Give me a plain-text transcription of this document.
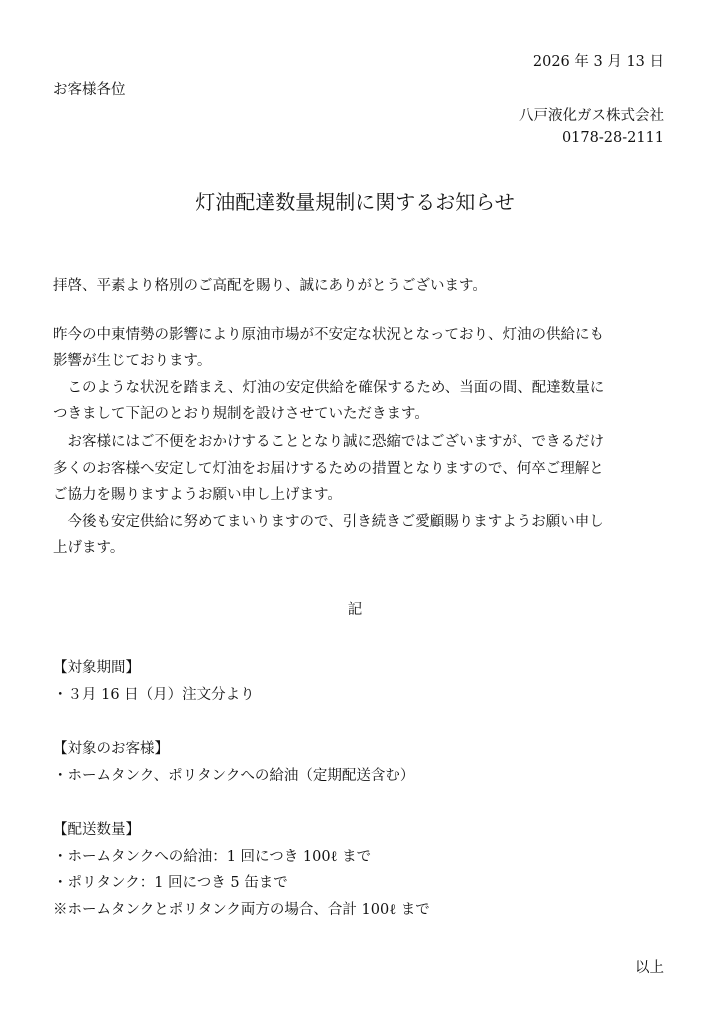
2026 年 3 月 13 日
お客様各位
八戸液化ガス株式会社
0178-28-2111
灯油配達数量規制に関するお知らせ
拝啓、平素より格別のご高配を賜り、誠にありがとうございます。
昨今の中東情勢の影響により原油市場が不安定な状況となっており、灯油の供給にも
影響が生じております。
　このような状況を踏まえ、灯油の安定供給を確保するため、当面の間、配達数量に
つきまして下記のとおり規制を設けさせていただきます。
　お客様にはご不便をおかけすることとなり誠に恐縮ではございますが、できるだけ
多くのお客様へ安定して灯油をお届けするための措置となりますので、何卒ご理解と
ご協力を賜りますようお願い申し上げます。
　今後も安定供給に努めてまいりますので、引き続きご愛顧賜りますようお願い申し
上げます。
記
【対象期間】
・３月 16 日（月）注文分より
【対象のお客様】
・ホームタンク、ポリタンクへの給油（定期配送含む）
【配送数量】
・ホームタンクへの給油：1 回につき 100ℓ まで
・ポリタンク：1 回につき 5 缶まで
※ホームタンクとポリタンク両方の場合、合計 100ℓ まで
以上
